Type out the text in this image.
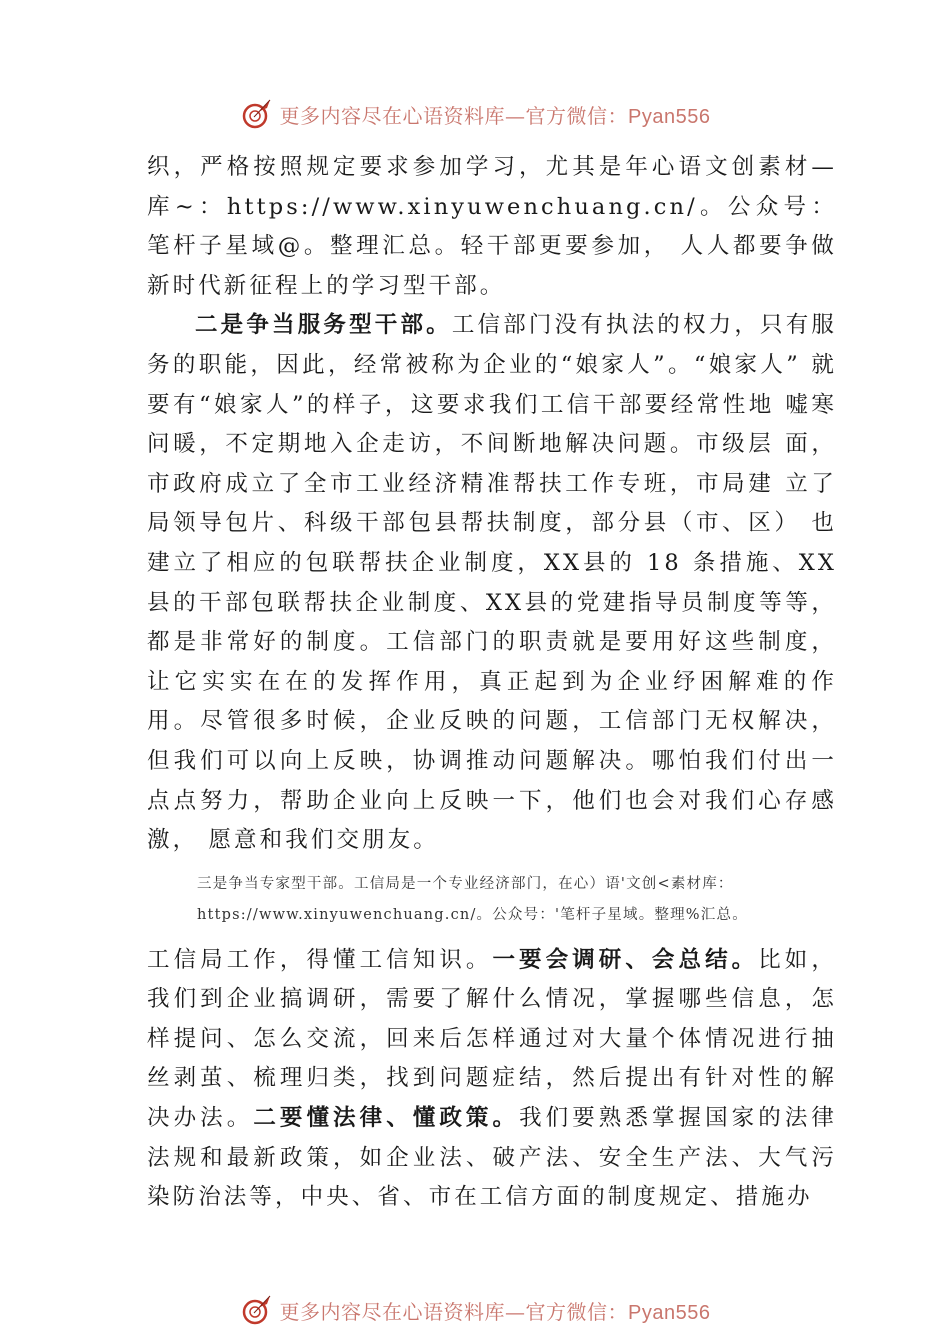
更多内容尽在心语资料库—官方微信：Pyan556

织，严格按照规定要求参加学习，尤其是年心语文创素材—库~：https://www.xinyuwenchuang.cn/。公众号：笔杆子星域@。整理汇总。轻干部更要参加， 人人都要争做新时代新征程上的学习型干部。

二是争当服务型干部。工信部门没有执法的权力，只有服务的职能，因此，经常被称为企业的“娘家人”。“娘家人” 就要有“娘家人”的样子，这要求我们工信干部要经常性地 嘘寒问暖，不定期地入企走访，不间断地解决问题。市级层 面，市政府成立了全市工业经济精准帮扶工作专班，市局建 立了局领导包片、科级干部包县帮扶制度，部分县（市、区） 也建立了相应的包联帮扶企业制度，XX县的 18 条措施、XX县的干部包联帮扶企业制度、XX县的党建指导员制度等等， 都是非常好的制度。工信部门的职责就是要用好这些制度， 让它实实在在的发挥作用，真正起到为企业纾困解难的作用。尽管很多时候，企业反映的问题，工信部门无权解决，但我们可以向上反映，协调推动问题解决。哪怕我们付出一点点努力，帮助企业向上反映一下，他们也会对我们心存感激， 愿意和我们交朋友。

三是争当专家型干部。工信局是一个专业经济部门，在心）语'文创<素材库：

https://www.xinyuwenchuang.cn/。公众号：'笔杆子星域。整理%汇总。

工信局工作，得懂工信知识。一要会调研、会总结。比如，我们到企业搞调研，需要了解什么情况，掌握哪些信息，怎样提问、怎么交流，回来后怎样通过对大量个体情况进行抽丝剥茧、梳理归类，找到问题症结，然后提出有针对性的解决办法。二要懂法律、懂政策。我们要熟悉掌握国家的法律法规和最新政策，如企业法、破产法、安全生产法、大气污染防治法等，中央、省、市在工信方面的制度规定、措施办

更多内容尽在心语资料库—官方微信：Pyan556
